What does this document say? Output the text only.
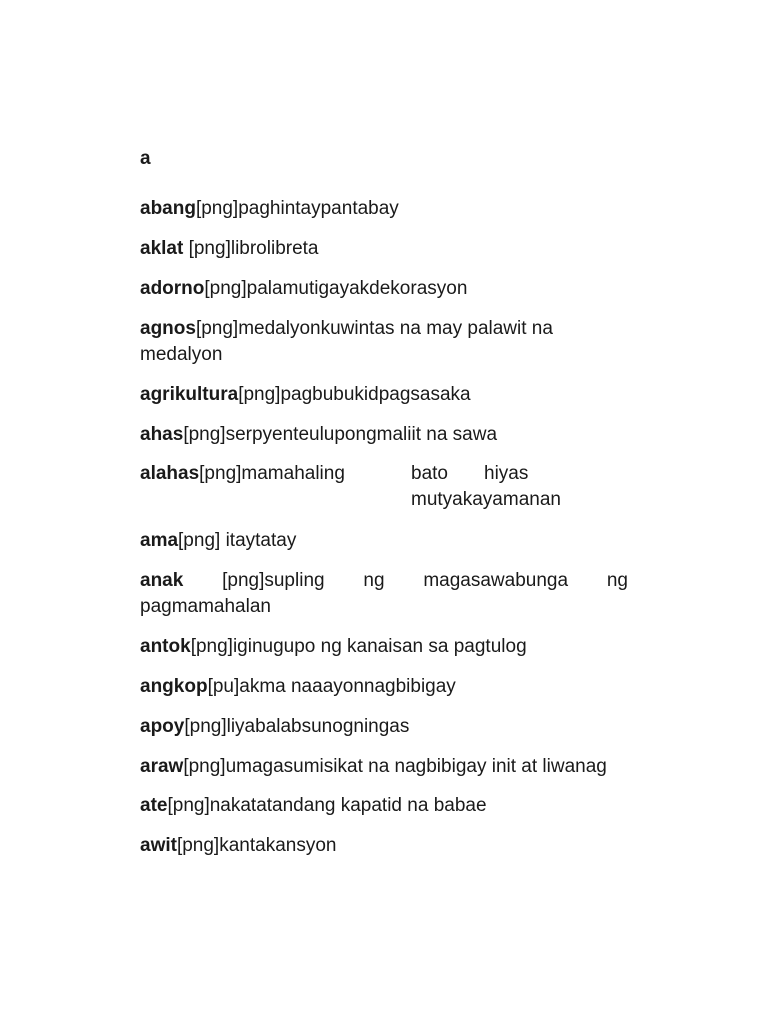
a
abang[png]paghintaypantabay
aklat [png]librolibreta
adorno[png]palamutigayakdekorasyon
agnos[png]medalyonkuwintas na may palawit na
medalyon
agrikultura[png]pagbubukidpagsasaka
ahas[png]serpyenteulupongmaliit na sawa
alahas[png]mamahaling	bato	hiyas
mutyakayamanan
ama[png] itaytatay
anak [png]supling ng magasawabunga ng
pagmamahalan
antok[png]iginugupo ng kanaisan sa pagtulog
angkop[pu]akma naaayonnagbibigay
apoy[png]liyabalabsunogningas
araw[png]umagasumisikat na nagbibigay init at liwanag
ate[png]nakatatandang kapatid na babae
awit[png]kantakansyon
